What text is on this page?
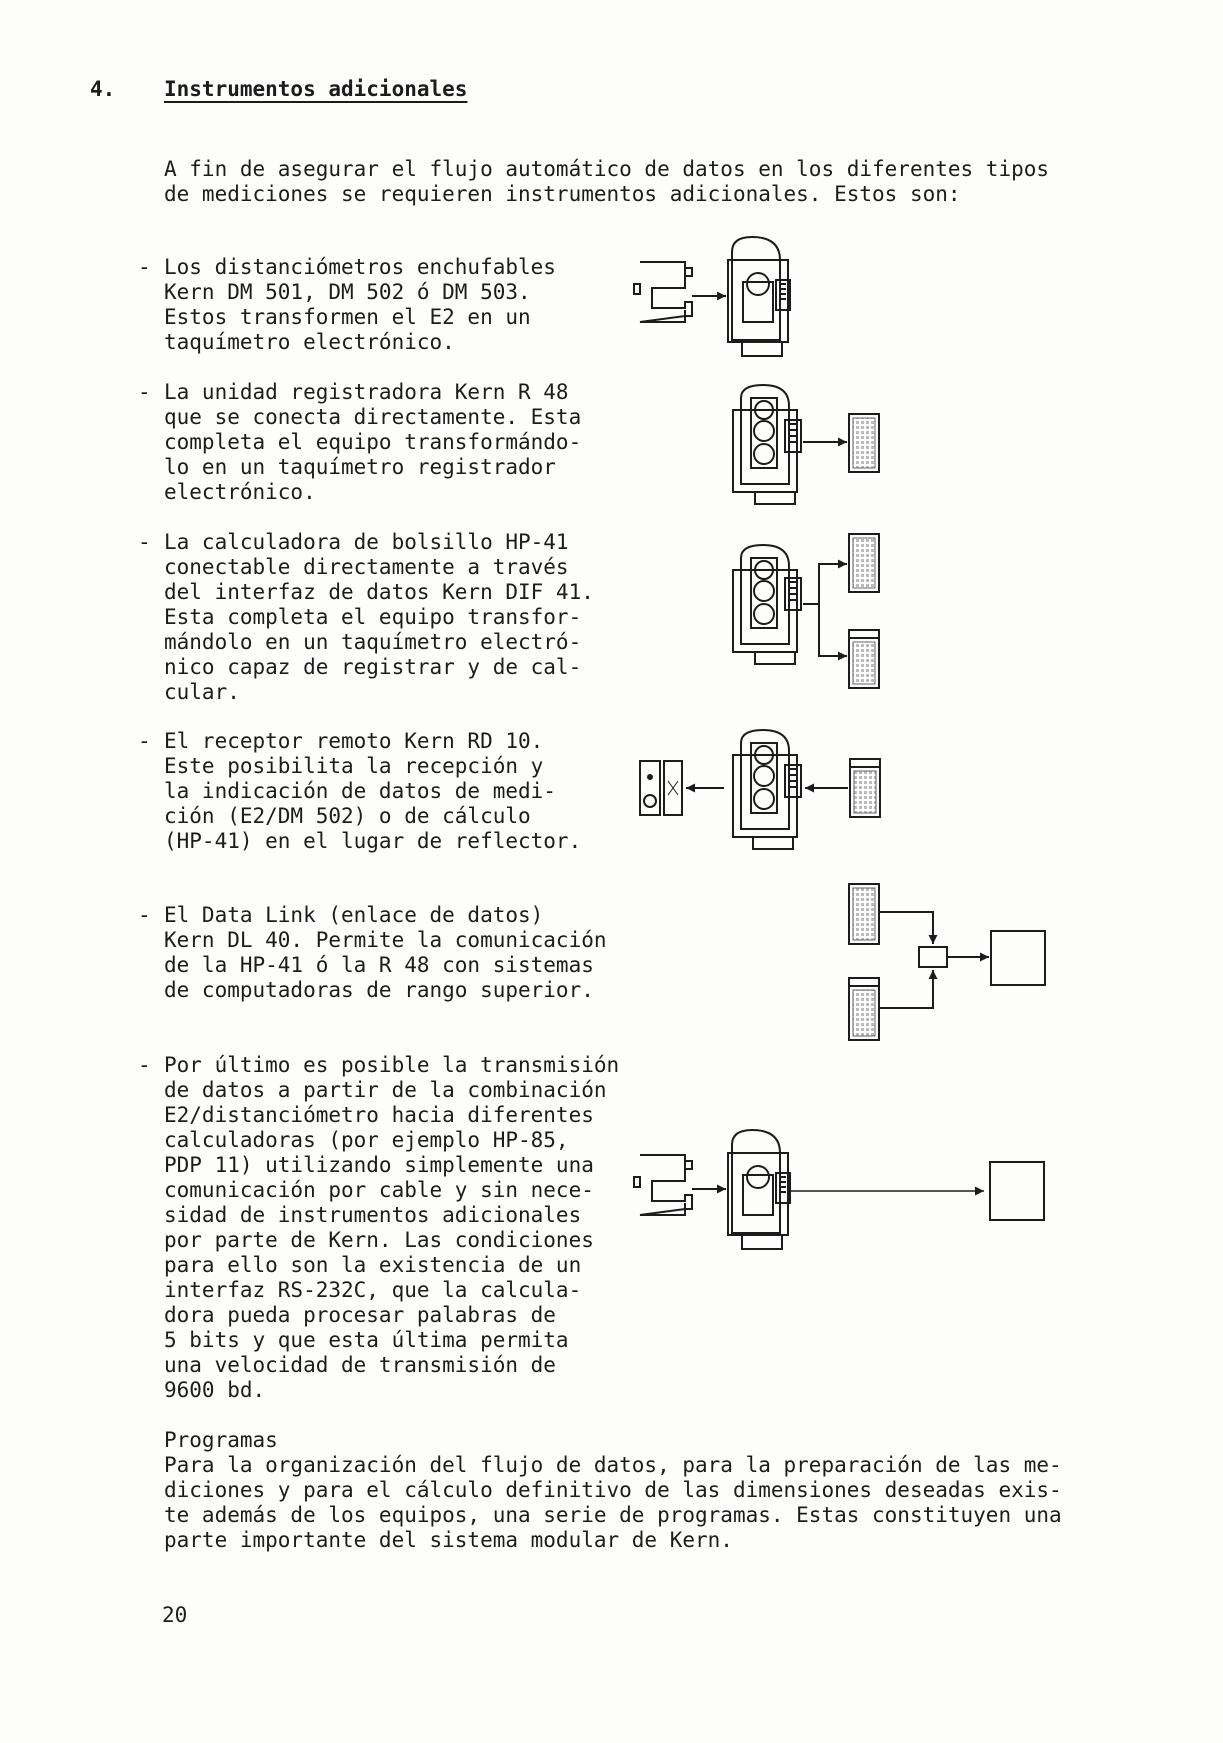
4. Instrumentos adicionales
A fin de asegurar el flujo automático de datos en los diferentes tipos
de mediciones se requieren instrumentos adicionales. Estos son:
- Los distanciómetros enchufables
Kern DM 501, DM 502 ó DM 503.
Estos transformen el E2 en un
taquímetro electrónico.
- La unidad registradora Kern R 48
que se conecta directamente. Esta
completa el equipo transformándo-
lo en un taquímetro registrador
electrónico.
- La calculadora de bolsillo HP-41
conectable directamente a través
del interfaz de datos Kern DIF 41.
Esta completa el equipo transfor-
mándolo en un taquímetro electró-
nico capaz de registrar y de cal-
cular.
- El receptor remoto Kern RD 10.
Este posibilita la recepción y
la indicación de datos de medi-
ción (E2/DM 502) o de cálculo
(HP-41) en el lugar de reflector.
- El Data Link (enlace de datos)
Kern DL 40. Permite la comunicación
de la HP-41 ó la R 48 con sistemas
de computadoras de rango superior.
- Por último es posible la transmisión
de datos a partir de la combinación
E2/distanciómetro hacia diferentes
calculadoras (por ejemplo HP-85,
PDP 11) utilizando simplemente una
comunicación por cable y sin nece-
sidad de instrumentos adicionales
por parte de Kern. Las condiciones
para ello son la existencia de un
interfaz RS-232C, que la calcula-
dora pueda procesar palabras de
5 bits y que esta última permita
una velocidad de transmisión de
9600 bd.
Programas
Para la organización del flujo de datos, para la preparación de las me-
diciones y para el cálculo definitivo de las dimensiones deseadas exis-
te además de los equipos, una serie de programas. Estas constituyen una
parte importante del sistema modular de Kern.
20
